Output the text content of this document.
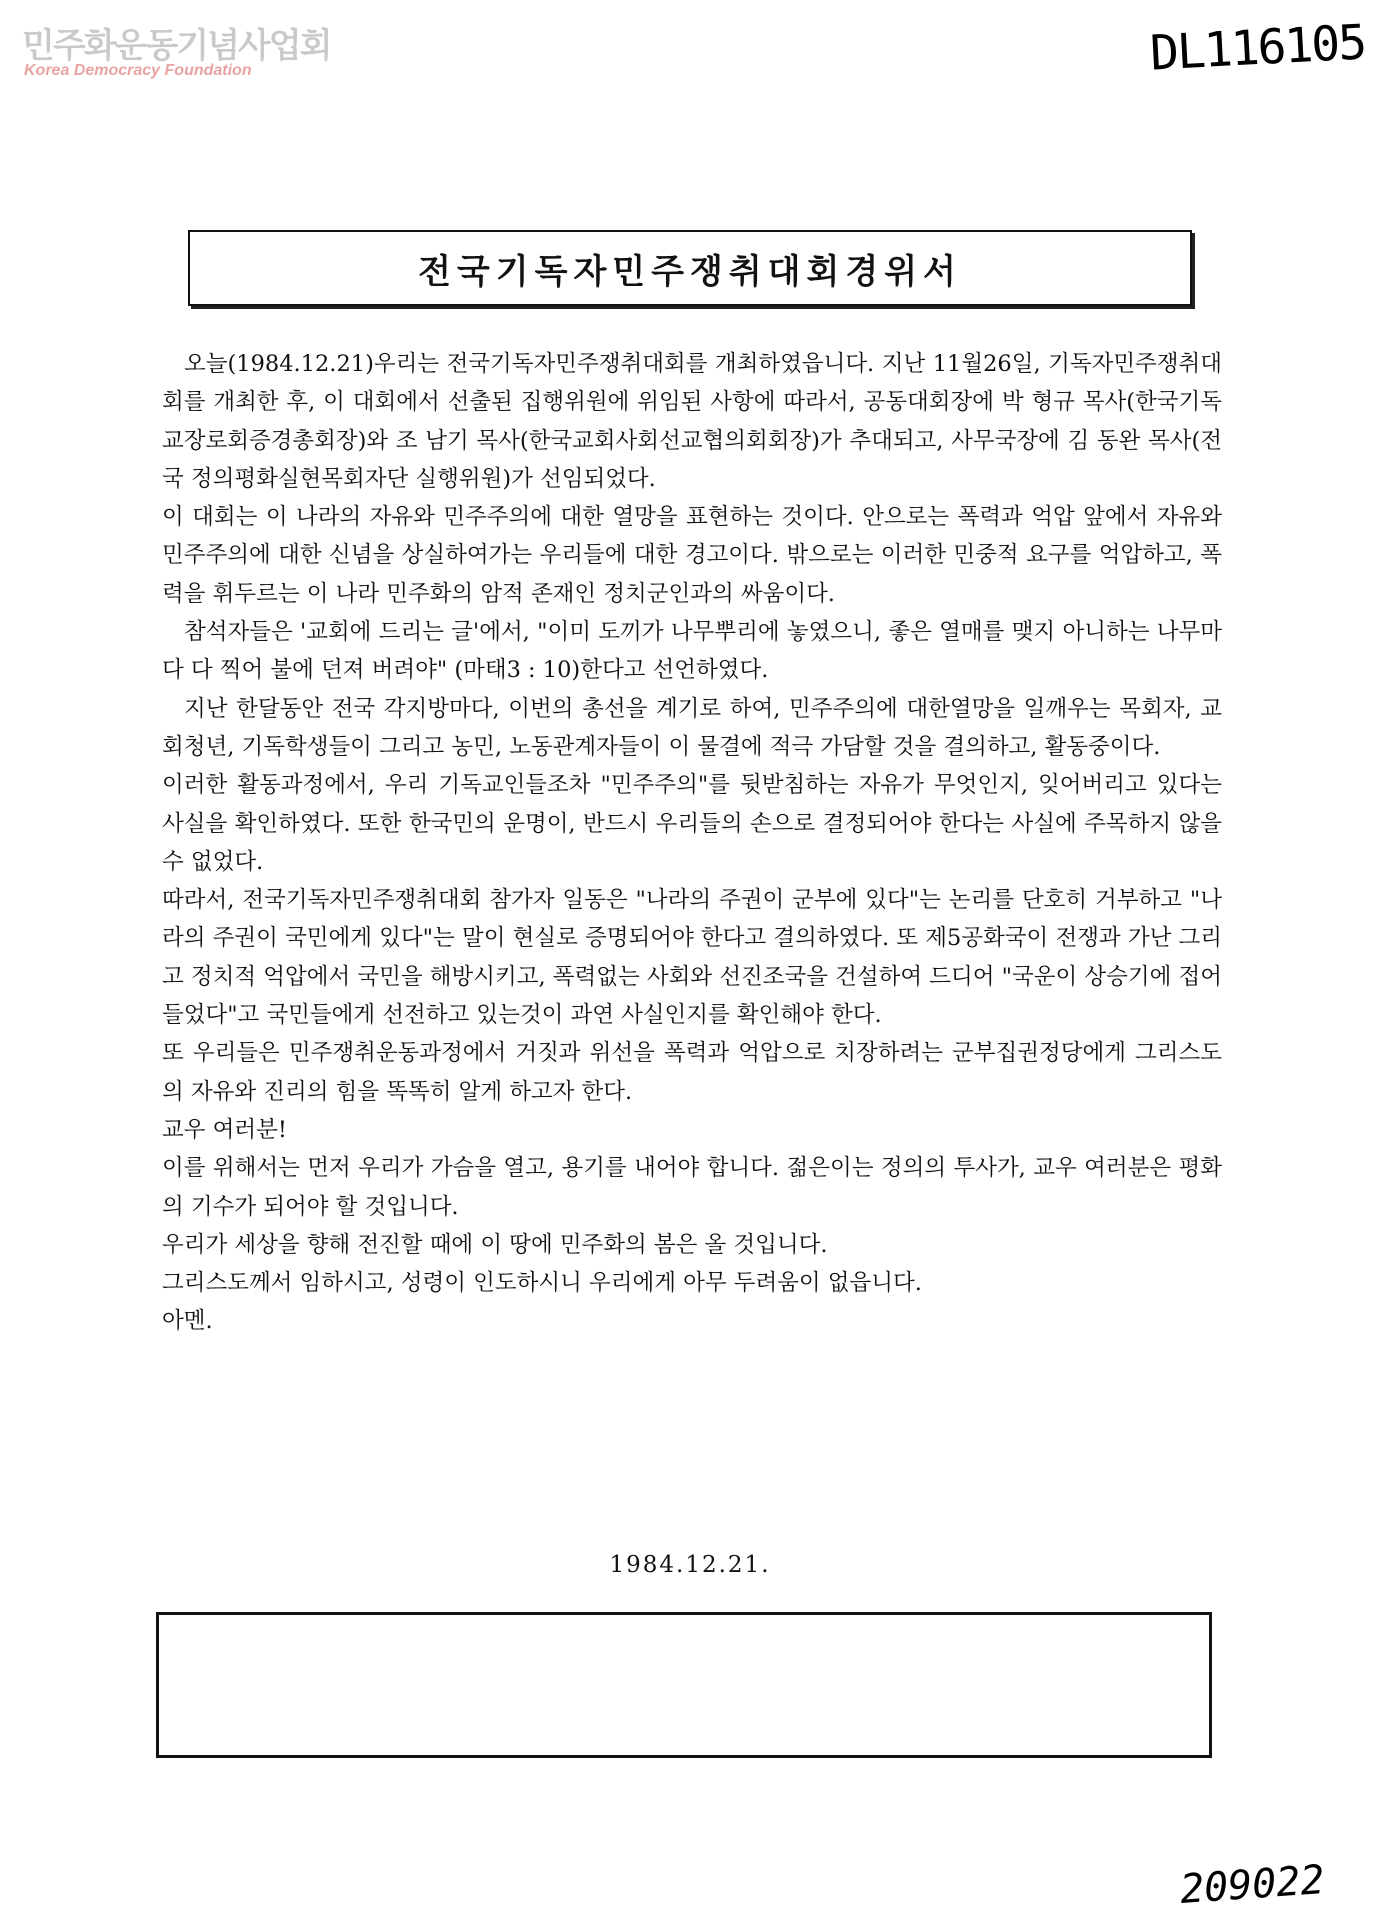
민주화운동기념사업회
Korea Democracy Foundation	DL116105
전국기독자민주쟁취대회경위서

오늘(1984.12.21)우리는 전국기독자민주쟁취대회를 개최하였읍니다. 지난 11월26일, 기독자민주쟁취대회를 개최한 후, 이 대회에서 선출된 집행위원에 위임된 사항에 따라서, 공동대회장에 박 형규 목사(한국기독교장로회증경총회장)와 조 남기 목사(한국교회사회선교협의회회장)가 추대되고, 사무국장에 김 동완 목사(전국 정의평화실현목회자단 실행위원)가 선임되었다.

이 대회는 이 나라의 자유와 민주주의에 대한 열망을 표현하는 것이다. 안으로는 폭력과 억압 앞에서 자유와 민주주의에 대한 신념을 상실하여가는 우리들에 대한 경고이다. 밖으로는 이러한 민중적 요구를 억압하고, 폭력을 휘두르는 이 나라 민주화의 암적 존재인 정치군인과의 싸움이다.

참석자들은 '교회에 드리는 글'에서, "이미 도끼가 나무뿌리에 놓였으니, 좋은 열매를 맺지 아니하는 나무마다 다 찍어 불에 던져 버려야" (마태3 : 10)한다고 선언하였다.

지난 한달동안 전국 각지방마다, 이번의 총선을 계기로 하여, 민주주의에 대한열망을 일깨우는 목회자, 교회청년, 기독학생들이 그리고 농민, 노동관계자들이 이 물결에 적극 가담할 것을 결의하고, 활동중이다.

이러한 활동과정에서, 우리 기독교인들조차 "민주주의"를 뒷받침하는 자유가 무엇인지, 잊어버리고 있다는 사실을 확인하였다. 또한 한국민의 운명이, 반드시 우리들의 손으로 결정되어야 한다는 사실에 주목하지 않을 수 없었다.

따라서, 전국기독자민주쟁취대회 참가자 일동은 "나라의 주권이 군부에 있다"는 논리를 단호히 거부하고 "나라의 주권이 국민에게 있다"는 말이 현실로 증명되어야 한다고 결의하였다. 또 제5공화국이 전쟁과 가난 그리고 정치적 억압에서 국민을 해방시키고, 폭력없는 사회와 선진조국을 건설하여 드디어 "국운이 상승기에 접어 들었다"고 국민들에게 선전하고 있는것이 과연 사실인지를 확인해야 한다.

또 우리들은 민주쟁취운동과정에서 거짓과 위선을 폭력과 억압으로 치장하려는 군부집권정당에게 그리스도의 자유와 진리의 힘을 똑똑히 알게 하고자 한다.

교우 여러분!

이를 위해서는 먼저 우리가 가슴을 열고, 용기를 내어야 합니다. 젊은이는 정의의 투사가, 교우 여러분은 평화의 기수가 되어야 할 것입니다.

우리가 세상을 향해 전진할 때에 이 땅에 민주화의 봄은 올 것입니다.

그리스도께서 임하시고, 성령이 인도하시니 우리에게 아무 두려움이 없읍니다.

아멘.

1984.12.21.
209022
